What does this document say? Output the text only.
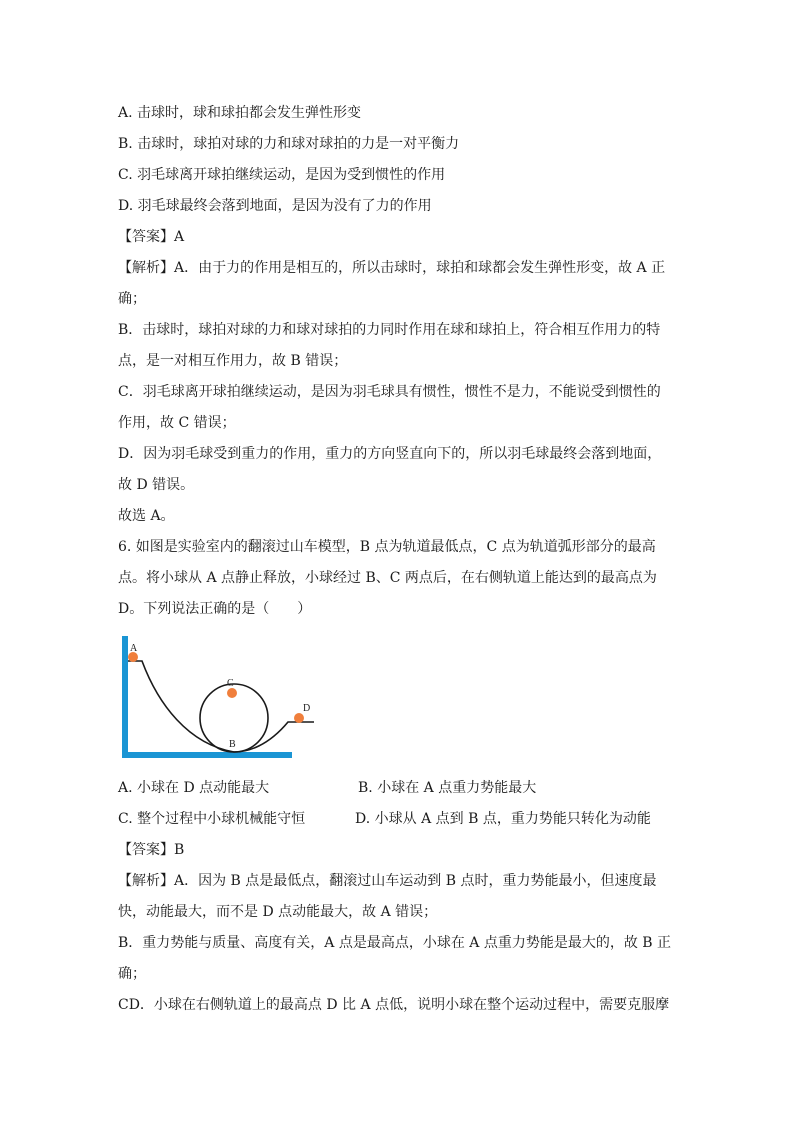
A. 击球时，球和球拍都会发生弹性形变
B. 击球时，球拍对球的力和球对球拍的力是一对平衡力
C. 羽毛球离开球拍继续运动，是因为受到惯性的作用
D. 羽毛球最终会落到地面，是因为没有了力的作用
【答案】A
【解析】A．由于力的作用是相互的，所以击球时，球拍和球都会发生弹性形变，故 A 正
确；
B．击球时，球拍对球的力和球对球拍的力同时作用在球和球拍上，符合相互作用力的特
点，是一对相互作用力，故 B 错误；
C．羽毛球离开球拍继续运动，是因为羽毛球具有惯性，惯性不是力，不能说受到惯性的
作用，故 C 错误；
D．因为羽毛球受到重力的作用，重力的方向竖直向下的，所以羽毛球最终会落到地面，
故 D 错误。
故选 A。
6. 如图是实验室内的翻滚过山车模型，B 点为轨道最低点，C 点为轨道弧形部分的最高
点。将小球从 A 点静止释放，小球经过 B、C 两点后，在右侧轨道上能达到的最高点为
D。下列说法正确的是（　　）
A
C
D
B
A. 小球在 D 点动能最大	B. 小球在 A 点重力势能最大
C. 整个过程中小球机械能守恒	D. 小球从 A 点到 B 点，重力势能只转化为动能
【答案】B
【解析】A．因为 B 点是最低点，翻滚过山车运动到 B 点时，重力势能最小，但速度最
快，动能最大，而不是 D 点动能最大，故 A 错误；
B．重力势能与质量、高度有关，A 点是最高点，小球在 A 点重力势能是最大的，故 B 正
确；
CD．小球在右侧轨道上的最高点 D 比 A 点低，说明小球在整个运动过程中，需要克服摩
